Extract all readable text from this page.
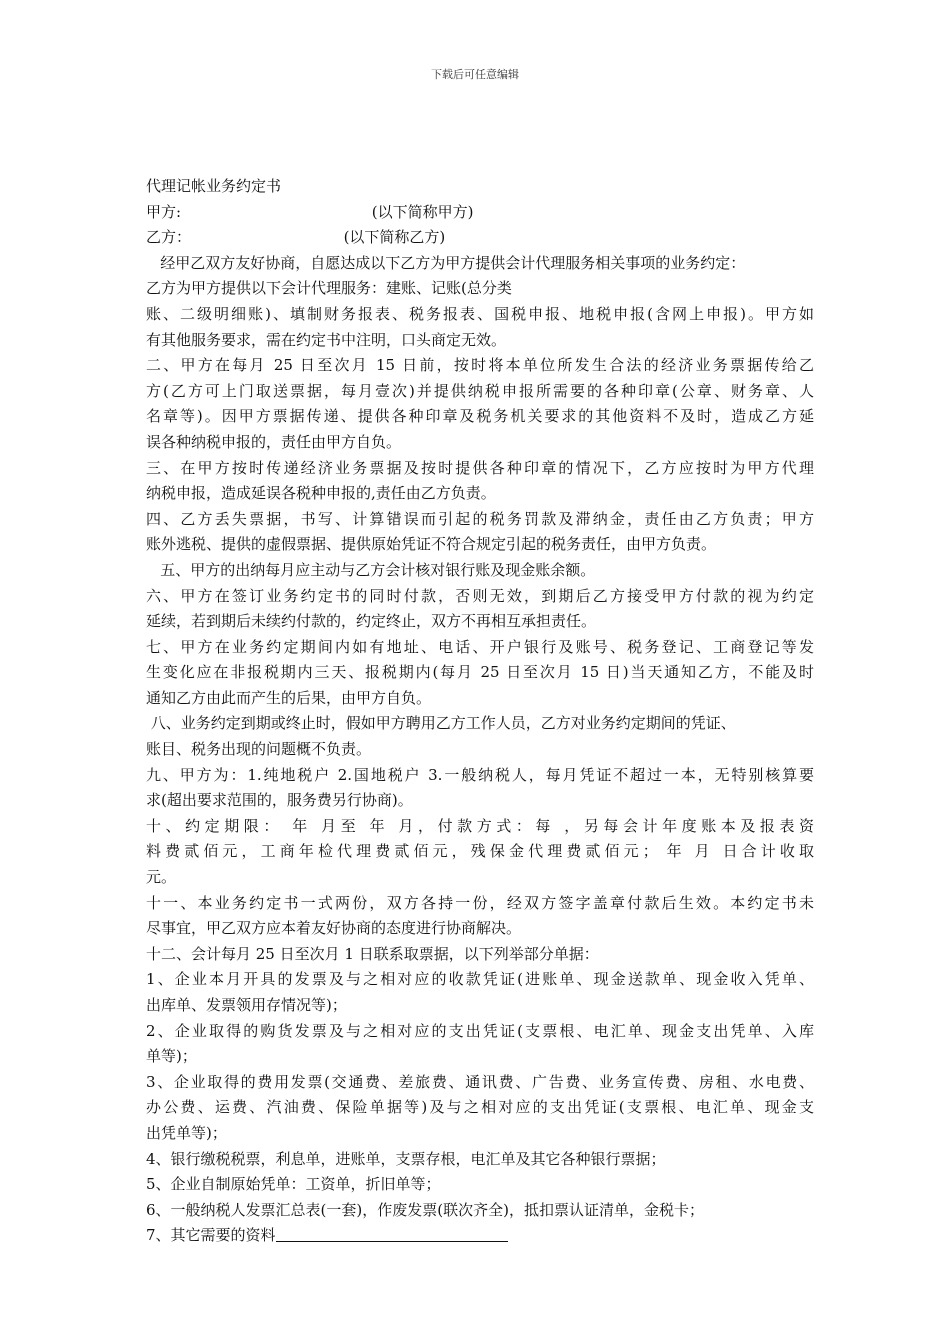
下载后可任意编辑
代理记帐业务约定书
甲方:                                        (以下简称甲方)
乙方：                                (以下简称乙方)
经甲乙双方友好协商，自愿达成以下乙方为甲方提供会计代理服务相关事项的业务约定：
乙方为甲方提供以下会计代理服务：建账、记账(总分类
账、二级明细账)、填制财务报表、税务报表、国税申报、地税申报(含网上申报)。甲方如
有其他服务要求，需在约定书中注明，口头商定无效。
二、甲方在每月 25 日至次月 15 日前，按时将本单位所发生合法的经济业务票据传给乙
方(乙方可上门取送票据，每月壹次)并提供纳税申报所需要的各种印章(公章、财务章、人
名章等)。因甲方票据传递、提供各种印章及税务机关要求的其他资料不及时，造成乙方延
误各种纳税申报的，责任由甲方自负。
三、在甲方按时传递经济业务票据及按时提供各种印章的情况下，乙方应按时为甲方代理
纳税申报，造成延误各税种申报的,责任由乙方负责。
四、乙方丢失票据，书写、计算错误而引起的税务罚款及滞纳金，责任由乙方负责；甲方
账外逃税、提供的虚假票据、提供原始凭证不符合规定引起的税务责任，由甲方负责。
五、甲方的出纳每月应主动与乙方会计核对银行账及现金账余额。
六、甲方在签订业务约定书的同时付款，否则无效，到期后乙方接受甲方付款的视为约定
延续，若到期后未续约付款的，约定终止，双方不再相互承担责任。
七、甲方在业务约定期间内如有地址、电话、开户银行及账号、税务登记、工商登记等发
生变化应在非报税期内三天、报税期内(每月 25 日至次月 15 日)当天通知乙方，不能及时
通知乙方由此而产生的后果，由甲方自负。
八、业务约定到期或终止时，假如甲方聘用乙方工作人员，乙方对业务约定期间的凭证、
账目、税务出现的问题概不负责。
九、甲方为：1.纯地税户 2.国地税户 3.一般纳税人，每月凭证不超过一本，无特别核算要
求(超出要求范围的，服务费另行协商)。
十、约定期限： 年 月至 年 月，付款方式：每 ，另每会计年度账本及报表资
料费贰佰元，工商年检代理费贰佰元，残保金代理费贰佰元； 年 月 日合计收取
元。
十一、本业务约定书一式两份，双方各持一份，经双方签字盖章付款后生效。本约定书未
尽事宜，甲乙双方应本着友好协商的态度进行协商解决。
十二、会计每月 25 日至次月 1 日联系取票据，以下列举部分单据：
1、企业本月开具的发票及与之相对应的收款凭证(进账单、现金送款单、现金收入凭单、
出库单、发票领用存情况等)；
2、企业取得的购货发票及与之相对应的支出凭证(支票根、电汇单、现金支出凭单、入库
单等)；
3、企业取得的费用发票(交通费、差旅费、通讯费、广告费、业务宣传费、房租、水电费、
办公费、运费、汽油费、保险单据等)及与之相对应的支出凭证(支票根、电汇单、现金支
出凭单等)；
4、银行缴税税票，利息单，进账单，支票存根，电汇单及其它各种银行票据；
5、企业自制原始凭单：工资单，折旧单等；
6、一般纳税人发票汇总表(一套)，作废发票(联次齐全)，抵扣票认证清单，金税卡；
7、其它需要的资料
